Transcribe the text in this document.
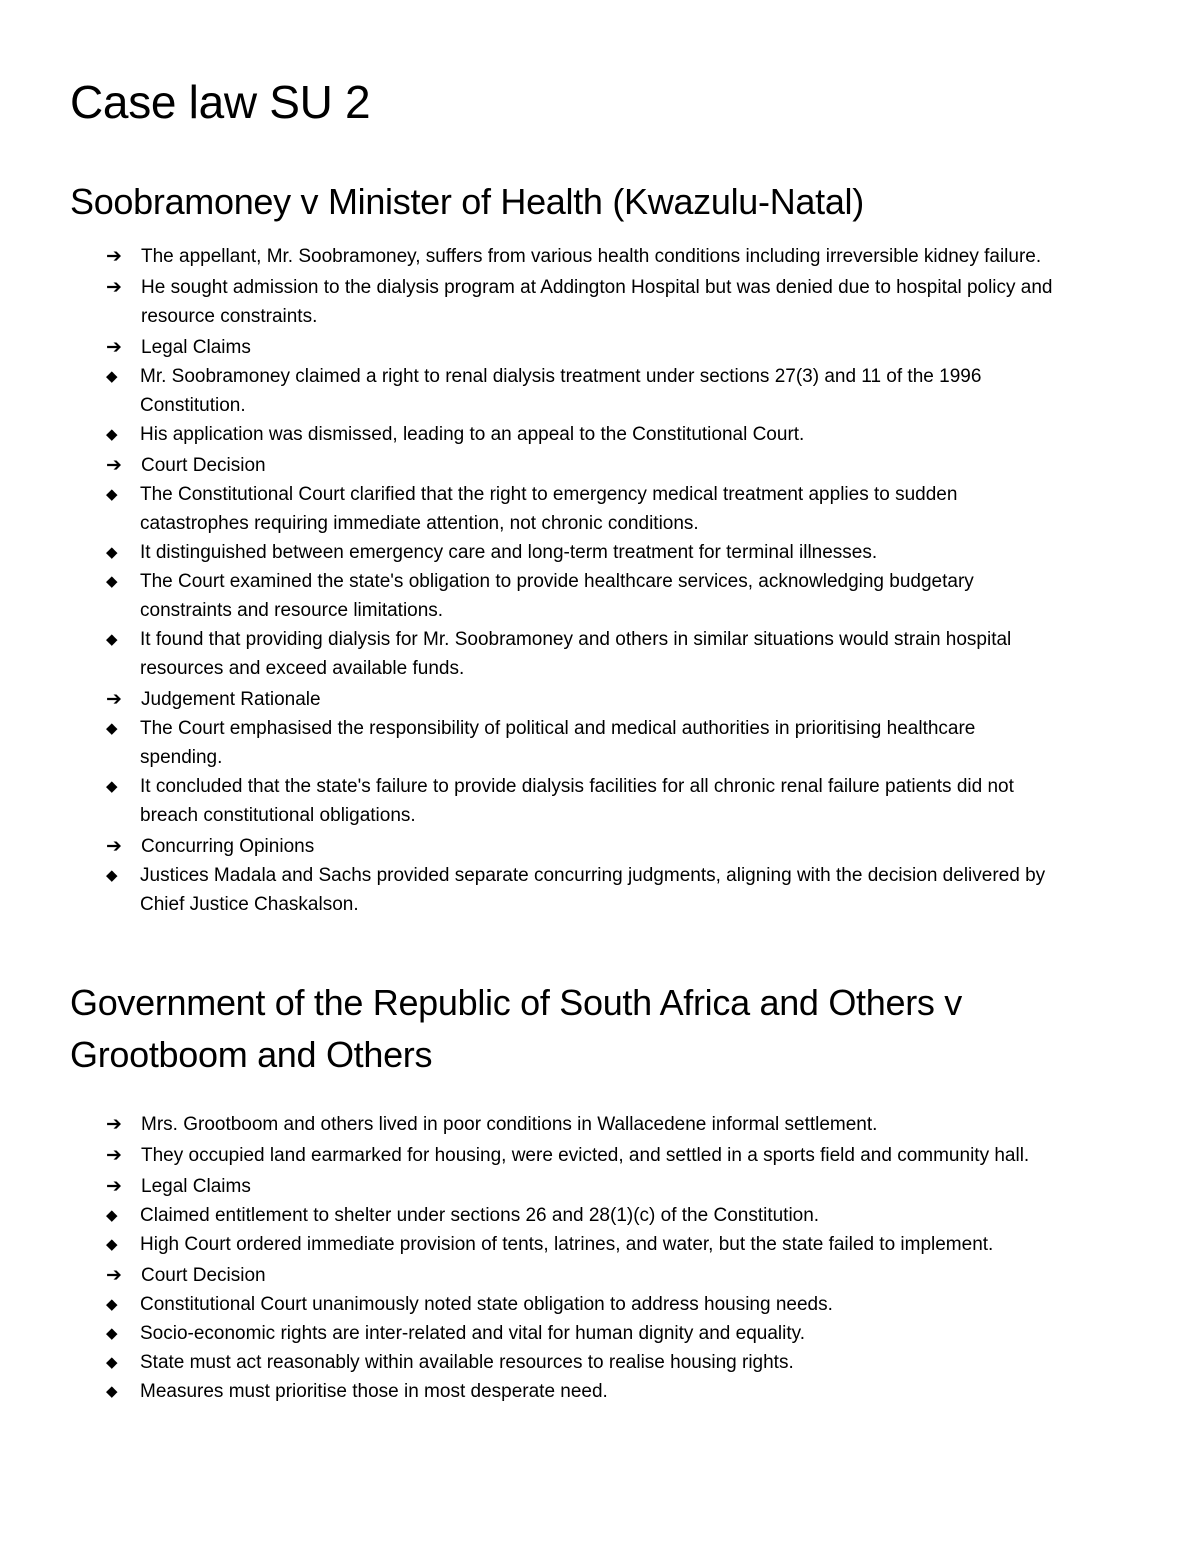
Case law SU 2
Soobramoney v Minister of Health (Kwazulu-Natal)
➔ The appellant, Mr. Soobramoney, suffers from various health conditions including irreversible kidney failure.
➔ He sought admission to the dialysis program at Addington Hospital but was denied due to hospital policy and resource constraints.
➔ Legal Claims
◆ Mr. Soobramoney claimed a right to renal dialysis treatment under sections 27(3) and 11 of the 1996 Constitution.
◆ His application was dismissed, leading to an appeal to the Constitutional Court.
➔ Court Decision
◆ The Constitutional Court clarified that the right to emergency medical treatment applies to sudden catastrophes requiring immediate attention, not chronic conditions.
◆ It distinguished between emergency care and long-term treatment for terminal illnesses.
◆ The Court examined the state's obligation to provide healthcare services, acknowledging budgetary constraints and resource limitations.
◆ It found that providing dialysis for Mr. Soobramoney and others in similar situations would strain hospital resources and exceed available funds.
➔ Judgement Rationale
◆ The Court emphasised the responsibility of political and medical authorities in prioritising healthcare spending.
◆ It concluded that the state's failure to provide dialysis facilities for all chronic renal failure patients did not breach constitutional obligations.
➔ Concurring Opinions
◆ Justices Madala and Sachs provided separate concurring judgments, aligning with the decision delivered by Chief Justice Chaskalson.
Government of the Republic of South Africa and Others v Grootboom and Others
➔ Mrs. Grootboom and others lived in poor conditions in Wallacedene informal settlement.
➔ They occupied land earmarked for housing, were evicted, and settled in a sports field and community hall.
➔ Legal Claims
◆ Claimed entitlement to shelter under sections 26 and 28(1)(c) of the Constitution.
◆ High Court ordered immediate provision of tents, latrines, and water, but the state failed to implement.
➔ Court Decision
◆ Constitutional Court unanimously noted state obligation to address housing needs.
◆ Socio-economic rights are inter-related and vital for human dignity and equality.
◆ State must act reasonably within available resources to realise housing rights.
◆ Measures must prioritise those in most desperate need.
